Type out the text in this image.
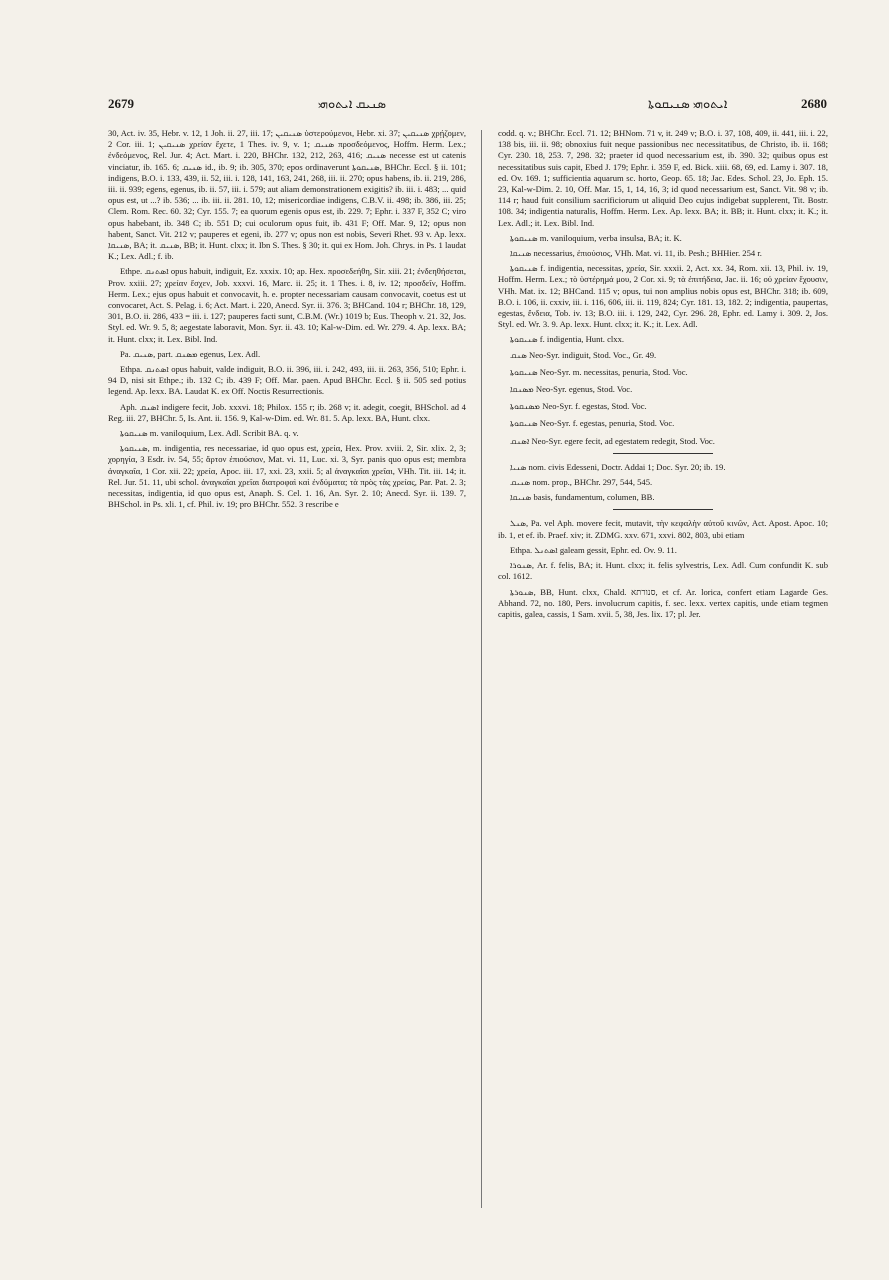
2679	ܣܢܝܩ ܐܝܬܘܗܝ	ܐܝܬܘܗܝ ܣܢܝܩܘܬܐ	2680

30, Act. iv. 35, Hebr. v. 12, 1 Joh. ii. 27, iii. 17; ܣܢܝܩܝܢ ὑστερούμενοι, Hebr. xi. 37; ܣܢܝܩܝܢ χρῄζομεν, 2 Cor. iii. 1; ܣܢܝܩܝܢ χρείαν ἔχετε, 1 Thes. iv. 9, v. 1; ܣܢܝܩ προσδεόμενος, Hoffm. Herm. Lex.; ἐνδεόμενος, Rel. Jur. 4; Act. Mart. i. 220, BHChr. 132, 212, 263, 416; ܣܢܝܩ necesse est ut catenis vinciatur, ib. 165. 6; ܣܢܝܩ id., ib. 9; ib. 305, 370; epos ordinaverunt ܣܢܝܩܘܬܐ, BHChr. Eccl. § ii. 101; indigens, B.O. i. 133, 439, ii. 52, iii. i. 128, 141, 163, 241, 268, iii. ii. 270; opus habens, ib. ii. 219, 286, iii. ii. 939; egens, egenus, ib. ii. 57, iii. i. 579; aut aliam demonstrationem exigitis? ib. iii. i. 483; ... quid opus est, ut ...? ib. 536; ... ib. iii. ii. 281. 10, 12; misericordiae indigens, C.B.V. ii. 498; ib. 386, iii. 25; Clem. Rom. Rec. 60. 32; Cyr. 155. 7; ea quorum egenis opus est, ib. 229. 7; Ephr. i. 337 F, 352 C; viro opus habebant, ib. 348 C; ib. 551 D; cui oculorum opus fuit, ib. 431 F; Off. Mar. 9, 12; opus non habent, Sanct. Vit. 212 v; pauperes et egeni, ib. 277 v; opus non est nobis, Severi Rhet. 93 v. Ap. lexx. ܣܢܝܩܐ, BA; it. ܣܢܝܩ, BB; it. Hunt. clxx; it. Ibn S. Thes. § 30; it. qui ex Hom. Joh. Chrys. in Ps. 1 laudat K.; Lex. Adl.; f. ib.

Ethpe. ܐܣܬܢܩ opus habuit, indiguit, Ez. xxxix. 10; ap. Hex. προσεδεήθη, Sir. xiii. 21; ἐνδεηθήσεται, Prov. xxiii. 27; χρείαν ἔσχεν, Job. xxxvi. 16, Marc. ii. 25; it. 1 Thes. i. 8, iv. 12; προσδεῖν, Hoffm. Herm. Lex.; ejus opus habuit et convocavit, h. e. propter necessariam causam convocavit, coetus est ut convocaret, Act. S. Pelag. i. 6; Act. Mart. i. 220, Anecd. Syr. ii. 376. 3; BHCand. 104 r; BHChr. 18, 129, 301, B.O. ii. 286, 433 = iii. i. 127; pauperes facti sunt, C.B.M. (Wr.) 1019 b; Eus. Theoph v. 21. 32, Jos. Styl. ed. Wr. 9. 5, 8; aegestate laboravit, Mon. Syr. ii. 43. 10; Kal-w-Dim. ed. Wr. 279. 4. Ap. lexx. BA; it. Hunt. clxx; it. Lex. Bibl. Ind.

Pa. ܣܢܝܩ, part. ܡܣܢܩ egenus, Lex. Adl.

Ethpa. ܐܣܬܢܩ opus habuit, valde indiguit, B.O. ii. 396, iii. i. 242, 493, iii. ii. 263, 356, 510; Ephr. i. 94 D, nisi sit Ethpe.; ib. 132 C; ib. 439 F; Off. Mar. paen. Apud BHChr. Eccl. § ii. 505 sed potius legend. Ap. lexx. BA. Laudat K. ex Off. Noctis Resurrectionis.

Aph. ܐܣܢܩ indigere fecit, Job. xxxvi. 18; Philox. 155 r; ib. 268 v; it. adegit, coegit, BHSchol. ad 4 Reg. iii. 27, BHChr. 5, Is. Ant. ii. 156. 9, Kal-w-Dim. ed. Wr. 81. 5. Ap. lexx. BA, Hunt. clxx.

ܣܢܝܩܘܬܐ m. vaniloquium, Lex. Adl. Scribit BA. q. v.

ܣܢܝܩܘܬܐ, m. indigentia, res necessariae, id quo opus est, χρεία, Hex. Prov. xviii. 2, Sir. xlix. 2, 3; χορηγία, 3 Esdr. iv. 54, 55; ἄρτον ἐπιούσιον, Mat. vi. 11, Luc. xi. 3, Syr. panis quo opus est; membra ἀναγκαῖα, 1 Cor. xii. 22; χρεία, Apoc. iii. 17, xxi. 23, xxii. 5; al ἀναγκαῖαι χρεῖαι, VHh. Tit. iii. 14; it. Rel. Jur. 51. 11, ubi schol. ἀναγκαῖαι χρεῖαι διατροφαὶ καὶ ἐνδύματα; τὰ πρὸς τὰς χρείας, Par. Pat. 2. 3; necessitas, indigentia, id quo opus est, Anaph. S. Cel. 1. 16, An. Syr. 2. 10; Anecd. Syr. ii. 139. 7, BHSchol. in Ps. xli. 1, cf. Phil. iv. 19; pro BHChr. 552. 3 rescribe e

codd. q. v.; BHChr. Eccl. 71. 12; BHNom. 71 v, it. 249 v; B.O. i. 37, 108, 409, ii. 441, iii. i. 22, 138 bis, iii. ii. 98; obnoxius fuit neque passionibus nec necessitatibus, de Christo, ib. ii. 168; Cyr. 230. 18, 253. 7, 298. 32; praeter id quod necessarium est, ib. 390. 32; quibus opus est necessitatibus suis capit, Ebed J. 179; Ephr. i. 359 F, ed. Bick. xiii. 68, 69, ed. Lamy i. 307. 18, ed. Ov. 169. 1; sufficientia aquarum sc. horto, Geop. 65. 18; Jac. Edes. Schol. 23, Jo. Eph. 15. 23, Kal-w-Dim. 2. 10, Off. Mar. 15, 1, 14, 16, 3; id quod necessarium est, Sanct. Vit. 98 v; ib. 114 r; haud fuit consilium sacrificiorum ut aliquid Deo cujus indigebat supplerent, Tit. Bostr. 108. 34; indigentia naturalis, Hoffm. Herm. Lex. Ap. lexx. BA; it. BB; it. Hunt. clxx; it. K.; it. Lex. Adl.; it. Lex. Bibl. Ind.

ܣܢܝܩܘܬܐ m. vaniloquium, verba insulsa, BA; it. K.

ܣܢܝܩܐ necessarius, ἐπιούσιος, VHh. Mat. vi. 11, ib. Pesh.; BHHier. 254 r.

ܣܢܝܩܘܬܐ f. indigentia, necessitas, χρεία, Sir. xxxii. 2, Act. xx. 34, Rom. xii. 13, Phil. iv. 19, Hoffm. Herm. Lex.; τὸ ὑστέρημά μου, 2 Cor. xi. 9; τὰ ἐπιτήδεια, Jac. ii. 16; οὐ χρείαν ἔχουσιν, VHh. Mat. ix. 12; BHCand. 115 v; opus, tui non amplius nobis opus est, BHChr. 318; ib. 609, B.O. i. 106, ii. cxxiv, iii. i. 116, 606, iii. ii. 119, 824; Cyr. 181. 13, 182. 2; indigentia, paupertas, egestas, ἔνδεια, Tob. iv. 13; B.O. iii. i. 129, 242, Cyr. 296. 28, Ephr. ed. Lamy i. 309. 2, Jos. Styl. ed. Wr. 3. 9. Ap. lexx. Hunt. clxx; it. K.; it. Lex. Adl.

ܣܢܝܩܘܬܐ f. indigentia, Hunt. clxx.

ܣܢܩ Neo-Syr. indiguit, Stod. Voc., Gr. 49.

ܣܢܝܩܘܬܐ Neo-Syr. m. necessitas, penuria, Stod. Voc.

ܡܣܢܩܐ Neo-Syr. egenus, Stod. Voc.

ܡܣܢܩܘܬܐ Neo-Syr. f. egestas, Stod. Voc.

ܣܢܝܩܘܬܐ Neo-Syr. f. egestas, penuria, Stod. Voc.

ܐܣܢܩ Neo-Syr. egere fecit, ad egestatem redegit, Stod. Voc.

ܣܢܝܐ nom. civis Edesseni, Doctr. Addai 1; Doc. Syr. 20; ib. 19.

ܣܢܝܩ nom. prop., BHChr. 297, 544, 545.

ܣܢܝܩܐ basis, fundamentum, columen, BB.

ܣܢܠ, Pa. vel Aph. movere fecit, mutavit, τὴν κεφαλὴν αὐτοῦ κινῶν, Act. Apost. Apoc. 10; ib. 1, et ef. ib. Praef. xiv; it. ZDMG. xxv. 671, xxvi. 802, 803, ubi etiam

Ethpa. ܐܣܬܢܠ galeam gessit, Ephr. ed. Ov. 9. 11.

ܣܢܘܪܐ, Ar. f. felis, BA; it. Hunt. clxx; it. felis sylvestris, Lex. Adl. Cum confundit K. sub col. 1612.

ܣܢܘܪܬܐ, BB, Hunt. clxx, Chald. סנורתא, et cf. Ar. lorica, confert etiam Lagarde Ges. Abhand. 72, no. 180, Pers. involucrum capitis, f. sec. lexx. vertex capitis, unde etiam tegmen capitis, galea, cassis, 1 Sam. xvii. 5, 38, Jes. lix. 17; pl. Jer.
